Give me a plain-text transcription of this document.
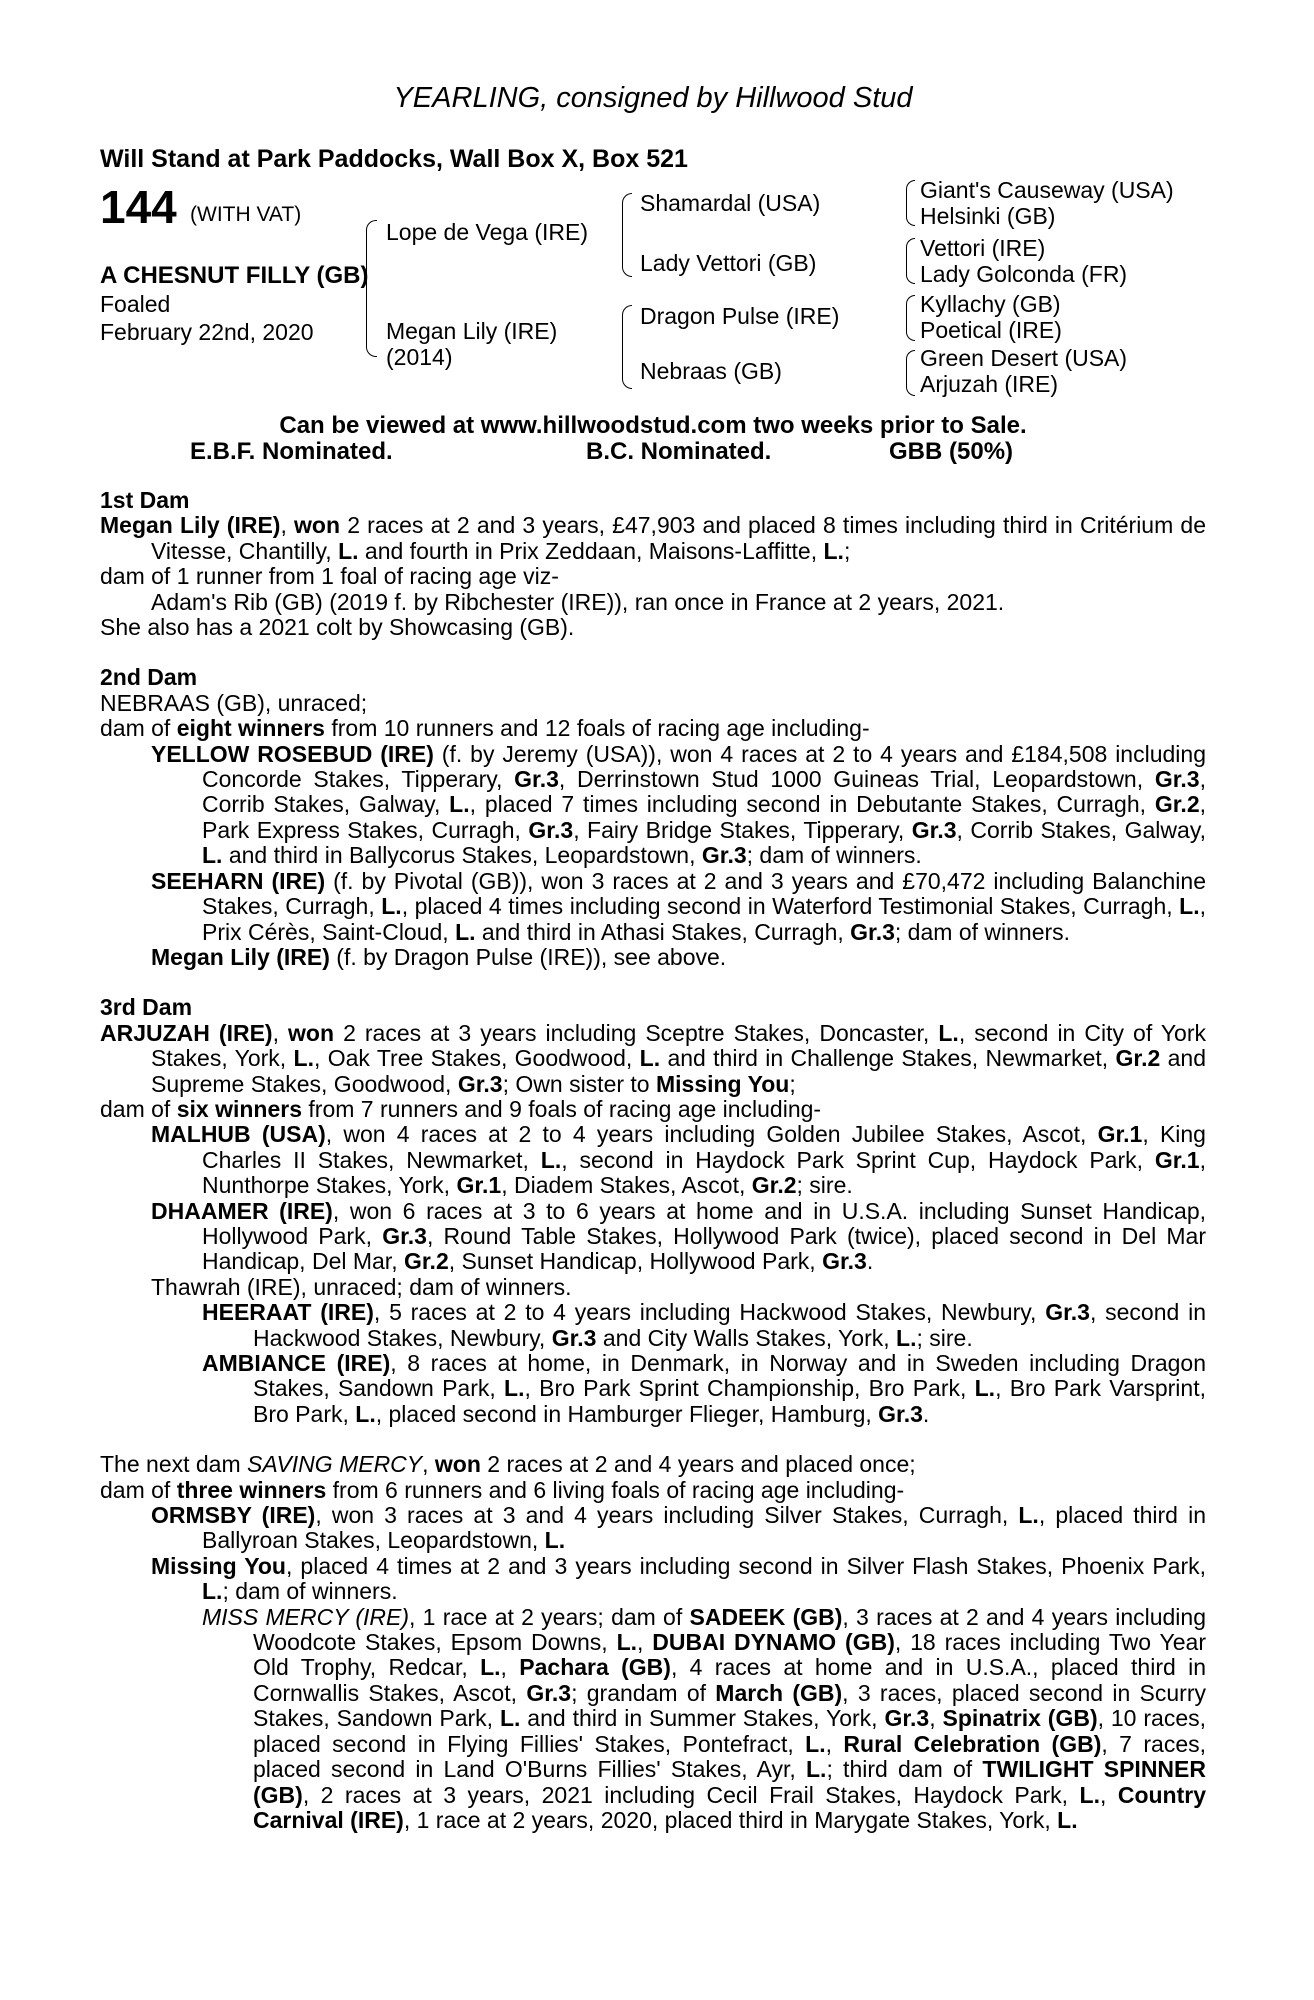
YEARLING, consigned by Hillwood Stud
Will Stand at Park Paddocks, Wall Box X, Box 521
144 (WITH VAT)
A CHESNUT FILLY (GB)
Foaled
February 22nd, 2020
Lope de Vega (IRE)
Megan Lily (IRE)
(2014)
Shamardal (USA)
Lady Vettori (GB)
Dragon Pulse (IRE)
Nebraas (GB)
Giant's Causeway (USA)
Helsinki (GB)
Vettori (IRE)
Lady Golconda (FR)
Kyllachy (GB)
Poetical (IRE)
Green Desert (USA)
Arjuzah (IRE)
Can be viewed at www.hillwoodstud.com two weeks prior to Sale.
E.B.F. Nominated.	B.C. Nominated.	GBB (50%)

1st Dam

Megan Lily (IRE), won 2 races at 2 and 3 years, £47,903 and placed 8 times including third in Critérium de Vitesse, Chantilly, L. and fourth in Prix Zeddaan, Maisons-Laffitte, L.;

dam of 1 runner from 1 foal of racing age viz-

Adam's Rib (GB) (2019 f. by Ribchester (IRE)), ran once in France at 2 years, 2021.

She also has a 2021 colt by Showcasing (GB).

2nd Dam

NEBRAAS (GB), unraced;

dam of eight winners from 10 runners and 12 foals of racing age including-

YELLOW ROSEBUD (IRE) (f. by Jeremy (USA)), won 4 races at 2 to 4 years and £184,508 including Concorde Stakes, Tipperary, Gr.3, Derrinstown Stud 1000 Guineas Trial, Leopardstown, Gr.3, Corrib Stakes, Galway, L., placed 7 times including second in Debutante Stakes, Curragh, Gr.2, Park Express Stakes, Curragh, Gr.3, Fairy Bridge Stakes, Tipperary, Gr.3, Corrib Stakes, Galway, L. and third in Ballycorus Stakes, Leopardstown, Gr.3; dam of winners.

SEEHARN (IRE) (f. by Pivotal (GB)), won 3 races at 2 and 3 years and £70,472 including Balanchine Stakes, Curragh, L., placed 4 times including second in Waterford Testimonial Stakes, Curragh, L., Prix Cérès, Saint-Cloud, L. and third in Athasi Stakes, Curragh, Gr.3; dam of winners.

Megan Lily (IRE) (f. by Dragon Pulse (IRE)), see above.

3rd Dam

ARJUZAH (IRE), won 2 races at 3 years including Sceptre Stakes, Doncaster, L., second in City of York Stakes, York, L., Oak Tree Stakes, Goodwood, L. and third in Challenge Stakes, Newmarket, Gr.2 and Supreme Stakes, Goodwood, Gr.3; Own sister to Missing You;

dam of six winners from 7 runners and 9 foals of racing age including-

MALHUB (USA), won 4 races at 2 to 4 years including Golden Jubilee Stakes, Ascot, Gr.1, King Charles II Stakes, Newmarket, L., second in Haydock Park Sprint Cup, Haydock Park, Gr.1, Nunthorpe Stakes, York, Gr.1, Diadem Stakes, Ascot, Gr.2; sire.

DHAAMER (IRE), won 6 races at 3 to 6 years at home and in U.S.A. including Sunset Handicap, Hollywood Park, Gr.3, Round Table Stakes, Hollywood Park (twice), placed second in Del Mar Handicap, Del Mar, Gr.2, Sunset Handicap, Hollywood Park, Gr.3.

Thawrah (IRE), unraced; dam of winners.

HEERAAT (IRE), 5 races at 2 to 4 years including Hackwood Stakes, Newbury, Gr.3, second in Hackwood Stakes, Newbury, Gr.3 and City Walls Stakes, York, L.; sire.

AMBIANCE (IRE), 8 races at home, in Denmark, in Norway and in Sweden including Dragon Stakes, Sandown Park, L., Bro Park Sprint Championship, Bro Park, L., Bro Park Varsprint, Bro Park, L., placed second in Hamburger Flieger, Hamburg, Gr.3.

The next dam SAVING MERCY, won 2 races at 2 and 4 years and placed once;

dam of three winners from 6 runners and 6 living foals of racing age including-

ORMSBY (IRE), won 3 races at 3 and 4 years including Silver Stakes, Curragh, L., placed third in Ballyroan Stakes, Leopardstown, L.

Missing You, placed 4 times at 2 and 3 years including second in Silver Flash Stakes, Phoenix Park, L.; dam of winners.

MISS MERCY (IRE), 1 race at 2 years; dam of SADEEK (GB), 3 races at 2 and 4 years including Woodcote Stakes, Epsom Downs, L., DUBAI DYNAMO (GB), 18 races including Two Year Old Trophy, Redcar, L., Pachara (GB), 4 races at home and in U.S.A., placed third in Cornwallis Stakes, Ascot, Gr.3; grandam of March (GB), 3 races, placed second in Scurry Stakes, Sandown Park, L. and third in Summer Stakes, York, Gr.3, Spinatrix (GB), 10 races, placed second in Flying Fillies' Stakes, Pontefract, L., Rural Celebration (GB), 7 races, placed second in Land O'Burns Fillies' Stakes, Ayr, L.; third dam of TWILIGHT SPINNER (GB), 2 races at 3 years, 2021 including Cecil Frail Stakes, Haydock Park, L., Country Carnival (IRE), 1 race at 2 years, 2020, placed third in Marygate Stakes, York, L.
